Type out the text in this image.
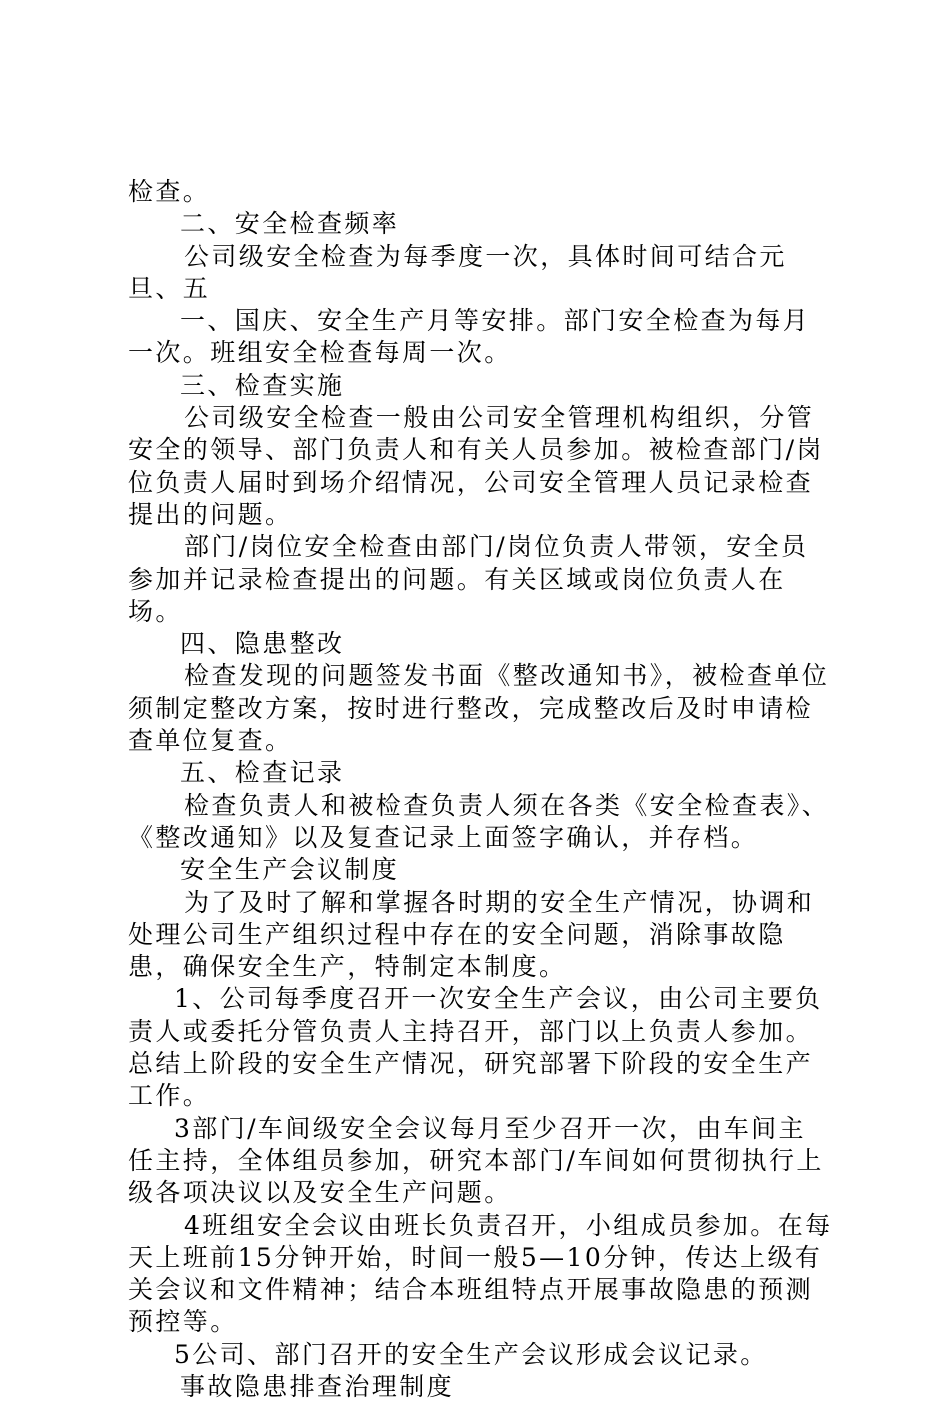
检查。

二、安全检查频率

公司级安全检查为每季度一次，具体时间可结合元旦、五

一、国庆、安全生产月等安排。部门安全检查为每月一次。班组安全检查每周一次。

三、检查实施

公司级安全检查一般由公司安全管理机构组织，分管安全的领导、部门负责人和有关人员参加。被检查部门/岗位负责人届时到场介绍情况，公司安全管理人员记录检查提出的问题。

部门/岗位安全检查由部门/岗位负责人带领，安全员参加并记录检查提出的问题。有关区域或岗位负责人在场。

四、隐患整改

检查发现的问题签发书面《整改通知书》，被检查单位须制定整改方案，按时进行整改，完成整改后及时申请检查单位复查。

五、检查记录

检查负责人和被检查负责人须在各类《安全检查表》、《整改通知》以及复查记录上面签字确认，并存档。

安全生产会议制度

为了及时了解和掌握各时期的安全生产情况，协调和处理公司生产组织过程中存在的安全问题，消除事故隐患，确保安全生产，特制定本制度。

1、公司每季度召开一次安全生产会议，由公司主要负责人或委托分管负责人主持召开，部门以上负责人参加。总结上阶段的安全生产情况，研究部署下阶段的安全生产工作。

3部门/车间级安全会议每月至少召开一次，由车间主任主持，全体组员参加，研究本部门/车间如何贯彻执行上级各项决议以及安全生产问题。

4班组安全会议由班长负责召开，小组成员参加。在每天上班前15分钟开始，时间一般5—10分钟，传达上级有关会议和文件精神；结合本班组特点开展事故隐患的预测预控等。

5公司、部门召开的安全生产会议形成会议记录。

事故隐患排查治理制度
